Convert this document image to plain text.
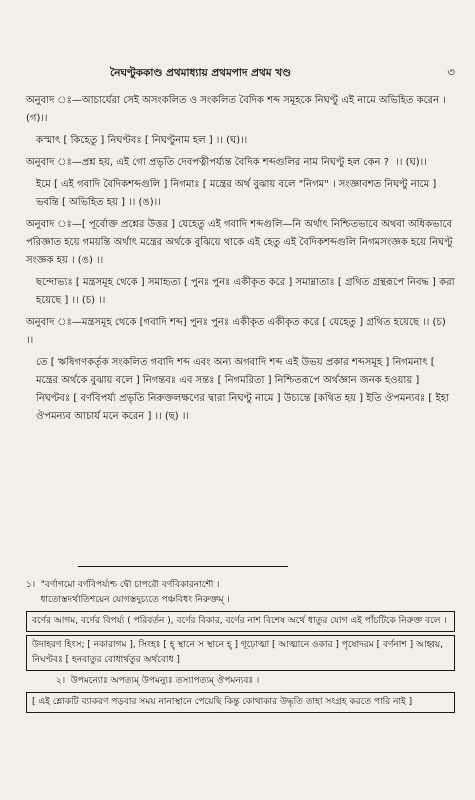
নৈঘণ্টুককাণ্ড প্রথমাধ্যায় প্রথমপাদ প্রথম খণ্ড	৩

অনুবাদ ঃ—আচার্যেরা সেই অসংকলিত ও সংকলিত বৈদিক শব্দ সমূহকে নিঘণ্টু এই নামে অভিহিত করেন । (গ)।।

কস্মাৎ [ কিহেতু ] নিঘণ্টবঃ [ নিঘণ্টুনাম হল ] ।। (ঘ)।।

অনুবাদ ঃ—প্রশ্ন হয়, এই গো প্রভৃতি দেবপত্নীপর্য্যন্ত বৈদিক শব্দগুলির নাম নিঘণ্টু হল কেন ?  ।। (ঘ)।।

ইমে [ এই গবাদি বৈদিকশব্দগুলি ] নিগমাঃ [ মন্ত্রের অর্থ বুঝায় বলে "নিগম" । সংজ্ঞাবশত নিঘণ্টু নামে ] ভবন্তি [ অভিহিত হয় ] ।। (ঙ)।।

অনুবাদ ঃ—[ পূর্বোক্ত প্রশ্নের উত্তর ] যেহেতু এই গবাদি শব্দগুলি—নি অর্থাৎ নিশ্চিতভাবে অথবা অধিকভাবে পরিজ্ঞাত হয়ে গময়ন্তি অর্থাৎ মন্ত্রের অর্থকে বুঝিয়ে থাকে এই হেতু এই বৈদিকশব্দগুলি নিগমসংজ্ঞক হয়ে নিঘণ্টু সংজ্ঞক হয় । (ঙ) ।।

ছন্দোভ্যঃ [ মন্ত্রসমূহ থেকে ] সমাহৃত্য [ পুনঃ পুনঃ একীকৃত করে ] সমাম্নাতাঃ [ গ্রথিত গ্রন্থরূপে নিবদ্ধ ] করা হয়েছে ] ।। (চ) ।।

অনুবাদ ঃ—মন্ত্রসমূহ থেকে [গবাদি শব্দ] পুনঃ পুনঃ একীকৃত একীকৃত করে [ যেহেতু ] গ্রথিত হয়েছে ।। (চ) ।।

তে [ ঋষিগণকর্তৃক সংকলিত গবাদি শব্দ এবং অন্য অগবাদি শব্দ এই উভয় প্রকার শব্দসমূহ ] নিগমনাৎ [ মন্ত্রের অর্থকে বুঝায় বলে ] নিগন্তবঃ এব সন্তঃ [ নিগমরিতা ] নিশ্চিতরূপে অর্থজ্ঞান জনক হওয়ায় ] নিঘণ্টবঃ [ বর্ণবিপর্য্য প্রভৃতি নিরুক্তলক্ষণের দ্বারা নিঘণ্টু নামে ] উচ্যন্তে [কথিত হয় ] ইতি ঔপমন্যবঃ [ ইহা ঔপমন্যব আচার্য মনে করেন ] ।। (ছ) ।।

১।  "বর্ণাগমো বর্ণবিপর্য্যশ্চ দ্বৌ চাপরৌ বর্ণবিকারনাশৌ ।
ধাতোস্তদর্থাতিশয়েন যোগস্তদুচ্যতে পঞ্চবিধং নিরুক্তম্ ।

বর্ণের আগম, বর্ণের বিপর্য্য ( পরিবর্তন ), বর্ণের বিকার, বর্ণের নাশ বিশেষ অর্থে ধাতুর যোগ এই পাঁচটিকে নিরুক্ত বলে ।

উদাহরণ হিংস; [ নকারাগম ], সিংহঃ [ হ্ স্থানে স স্থানে হ্ ] গূঢ়োত্মা [ আত্মানে ওকার ] পৃষোদরম [ বর্ণনাশ ] আহ্বয়, নিঘণ্টবঃ [ হনবাতুর বোধার্থতুর অর্থবোধ ]

২।  উপমন্যোঃ অপত্যম্ উপমন্যুঃ তস্যাপত্যম্ ঔপমন্যবঃ ।

[ এই শ্লোকটি ব্যাকরণ পড়বার সময় নানাস্থানে পেয়েছি কিন্তু কোথাকার উদ্ধৃতি তাহা সংগ্রহ করতে পারি নাই ]
